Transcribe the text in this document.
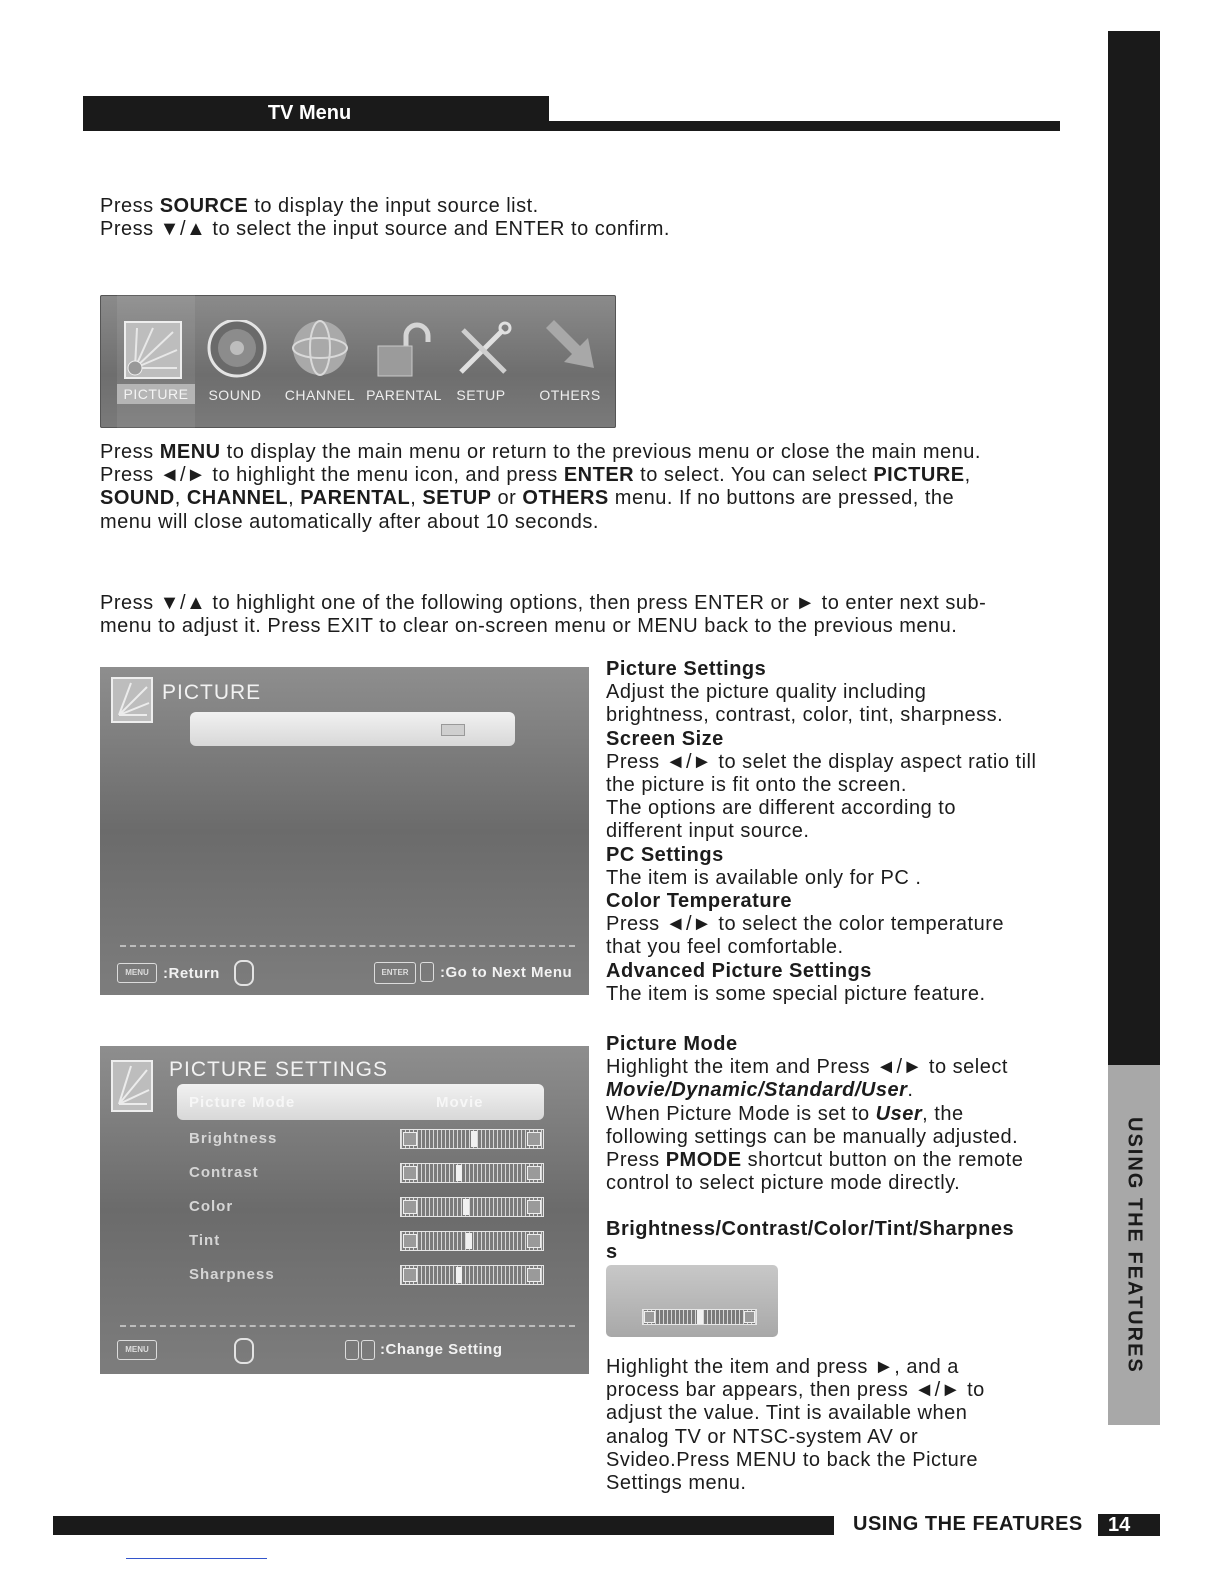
TV Menu
USING THE FEATURES
Press SOURCE to display the input source list.
Press ▼/▲ to select the input source and ENTER to confirm.
PICTURE	SOUND	CHANNEL PARENTAL	SETUP	OTHERS
Press MENU to display the main menu or return to the previous menu or close the main menu.
Press ◄/► to highlight the menu icon, and press ENTER to select. You can select PICTURE,
SOUND, CHANNEL, PARENTAL, SETUP or OTHERS menu. If no buttons are pressed, the
menu will close automatically after about 10 seconds.
Press ▼/▲ to highlight one of the following options, then press ENTER or ► to enter next sub-
menu to adjust it. Press EXIT to clear on-screen menu or MENU back to the previous menu.
PICTURE
MENU :Return	ENTER	:Go to Next Menu
Picture Settings
Adjust the picture quality including
brightness, contrast, color, tint, sharpness.
Screen Size
Press ◄/► to selet the display aspect ratio till
the picture is fit onto the screen.
The options are different according to
different input source.
PC Settings
The item is available only for PC .
Color Temperature
Press ◄/► to select the color temperature
that you feel comfortable.
Advanced Picture Settings
The item is some special picture feature.
PICTURE SETTINGS
Picture Mode	Movie
Brightness
Contrast
Color
Tint
Sharpness
MENU	:Change Setting
Picture Mode
Highlight the item and Press ◄/► to select
Movie/Dynamic/Standard/User.
When Picture Mode is set to User, the
following settings can be manually adjusted.
Press PMODE shortcut button on the remote
control to select picture mode directly.
Brightness/Contrast/Color/Tint/Sharpnes
s
Highlight the item and press ►, and a
process bar appears, then press ◄/► to
adjust the value. Tint is available when
analog TV or NTSC-system AV or
Svideo.Press MENU to back the Picture
Settings menu.
USING THE FEATURES	14
